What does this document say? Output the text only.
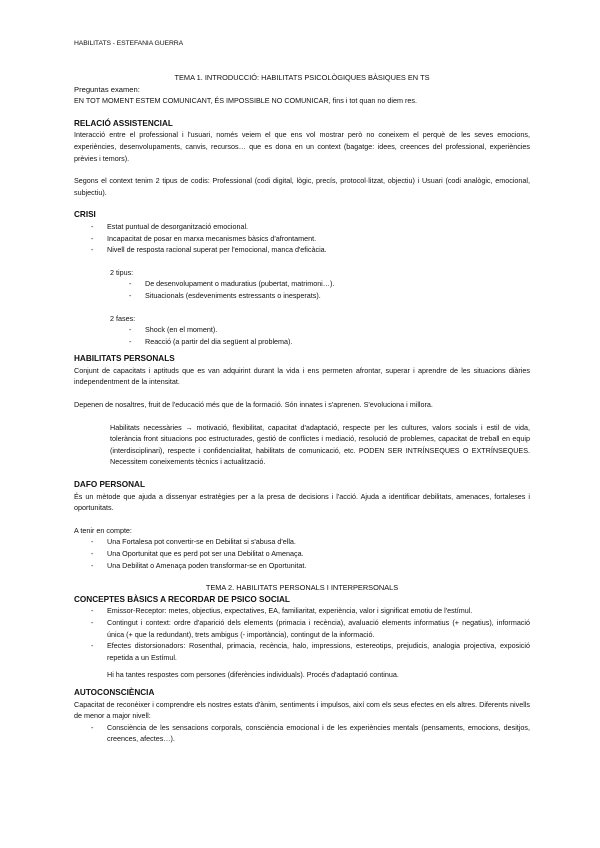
HABILITATS - ESTEFANIA GUERRA

TEMA 1. INTRODUCCIÓ: HABILITATS PSICOLÒGIQUES BÀSIQUES EN TS

Preguntas examen:

EN TOT MOMENT ESTEM COMUNICANT, ÉS IMPOSSIBLE NO COMUNICAR, fins i tot quan no diem res.

RELACIÓ ASSISTENCIAL

Interacció entre el professional i l'usuari, només veiem el que ens vol mostrar però no coneixem el perquè de les seves emocions, experiències, desenvolupaments, canvis, recursos… que es dona en un context (bagatge: idees, creences del professional, experiències prèvies i temors).

Segons el context tenim 2 tipus de codis: Professional (codi digital, lògic, precís, protocol·litzat, objectiu) i Usuari (codi analògic, emocional, subjectiu).

CRISI

- Estat puntual de desorganització emocional.
- Incapacitat de posar en marxa mecanismes bàsics d'afrontament.
- Nivell de resposta racional superat per l'emocional, manca d'eficàcia.

2 tipus:

- De desenvolupament o maduratius (pubertat, matrimoni…).
- Situacionals (esdeveniments estressants o inesperats).

2 fases:

- Shock (en el moment).
- Reacció (a partir del dia següent al problema).

HABILITATS PERSONALS

Conjunt de capacitats i aptituds que es van adquirint durant la vida i ens permeten afrontar, superar i aprendre de les situacions diàries independentment de la intensitat.

Depenen de nosaltres, fruit de l'educació més que de la formació. Són innates i s'aprenen. S'evolucionа i millora.

Habilitats necessàries → motivació, flexibilitat, capacitat d'adaptació, respecte per les cultures, valors socials i estil de vida, tolerància front situacions poc estructurades, gestió de conflictes i mediació, resolució de problemes, capacitat de treball en equip (interdisciplinari), respecte i confidencialitat, habilitats de comunicació, etc. PODEN SER INTRÍNSEQUES O EXTRÍNSEQUES. Necessitem coneixements tècnics i actualització.

DAFO PERSONAL

És un mètode que ajuda a dissenyar estratègies per a la presa de decisions i l'acció. Ajuda a identificar debilitats, amenaces, fortaleses i oportunitats.

A tenir en compte:

- Una Fortalesa pot convertir-se en Debilitat si s'abusa d'ella.
- Una Oportunitat que es perd pot ser una Debilitat o Amenaça.
- Una Debilitat o Amenaça poden transformar-se en Oportunitat.

TEMA 2. HABILITATS PERSONALS I INTERPERSONALS

CONCEPTES BÀSICS A RECORDAR DE PSICO SOCIAL

- Emissor-Receptor: metes, objectius, expectatives, EA, familiaritat, experiència, valor i significat emotiu de l'estímul.
- Contingut i context: ordre d'aparició dels elements (primacia i recència), avaluació elements informatius (+ negatius), informació única (+ que la redundant), trets ambigus (- importància), contingut de la informació.
- Efectes distorsionadors: Rosenthal, primacia, recència, halo, impressions, estereotips, prejudicis, analogia projectiva, exposició repetida a un Estímul.

Hi ha tantes respostes com persones (diferències individuals). Procés d'adaptació continua.

AUTOCONSCIÈNCIA

Capacitat de reconèixer i comprendre els nostres estats d'ànim, sentiments i impulsos, així com els seus efectes en els altres. Diferents nivells de menor a major nivell:

- Consciència de les sensacions corporals, consciència emocional i de les experiències mentals (pensaments, emocions, desitjos, creences, afectes…).
